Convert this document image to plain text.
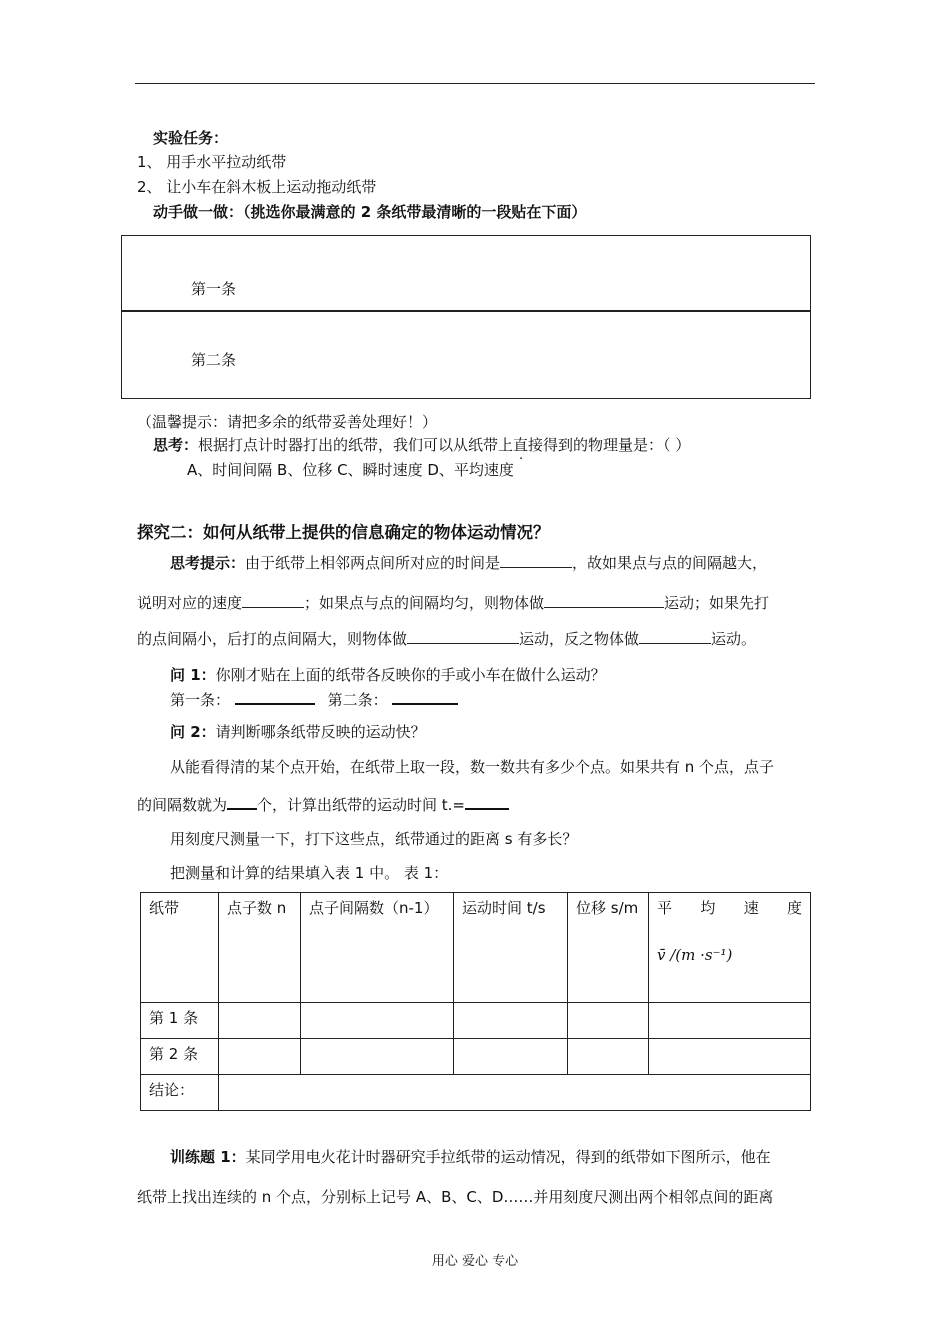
实验任务：
1、 用手水平拉动纸带
2、 让小车在斜木板上运动拖动纸带
动手做一做：（挑选你最满意的 2 条纸带最清晰的一段贴在下面）
第一条
第二条
（温馨提示：请把多余的纸带妥善处理好！）
思考：根据打点计时器打出的纸带，我们可以从纸带上直接得到的物理量是：（ ）
A、时间间隔 B、位移 C、瞬时速度 D、平均速度
探究二：如何从纸带上提供的信息确定的物体运动情况？
思考提示：由于纸带上相邻两点间所对应的时间是	，故如果点与点的间隔越大，
说明对应的速度	；如果点与点的间隔均匀，则物体做	运动；如果先打
的点间隔小，后打的点间隔大，则物体做	运动，反之物体做	运动。
问 1：你刚才贴在上面的纸带各反映你的手或小车在做什么运动？
第一条：	第二条：
问 2：请判断哪条纸带反映的运动快？
从能看得清的某个点开始，在纸带上取一段，数一数共有多少个点。如果共有 n 个点，点子
的间隔数就为 个，计算出纸带的运动时间 t.=
用刻度尺测量一下，打下这些点，纸带通过的距离 s 有多长？
把测量和计算的结果填入表 1 中。 表 1：
纸带	点子数 n	点子间隔数（n-1）	运动时间 t/s	位移 s/m	平 均 速 度
v̄ /(m ·s⁻¹)

第 1 条					
第 2 条					
结论：					
训练题 1：某同学用电火花计时器研究手拉纸带的运动情况，得到的纸带如下图所示，他在
纸带上找出连续的 n 个点，分别标上记号 A、B、C、D……并用刻度尺测出两个相邻点间的距离
用心 爱心 专心
